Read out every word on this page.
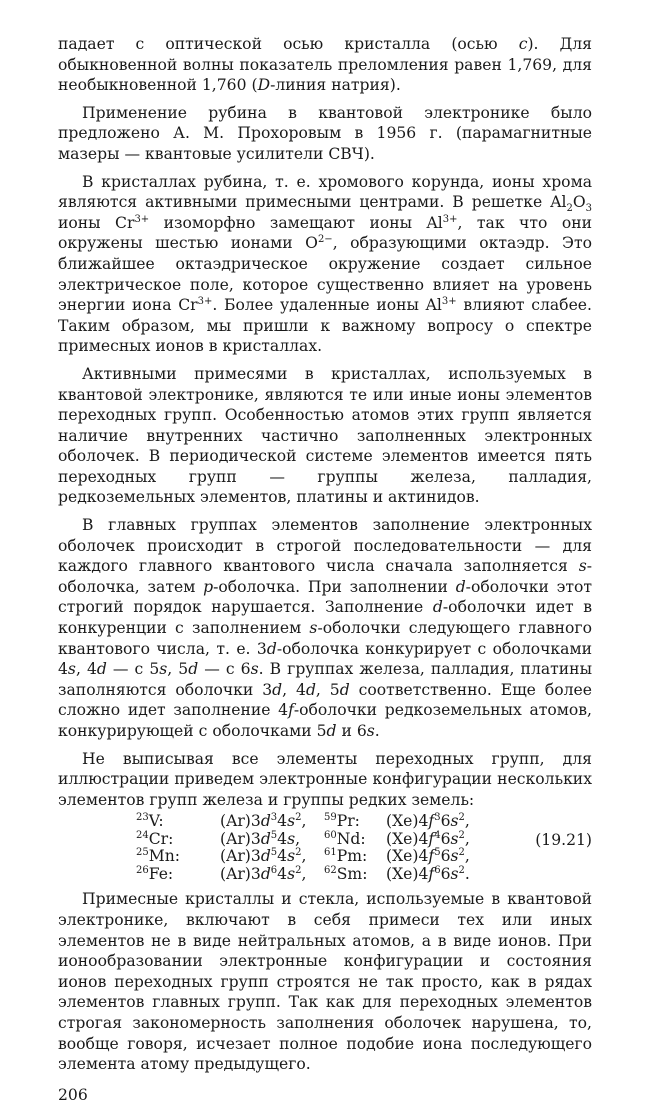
падает с оптической осью кристалла (осью с). Для обыкновенной волны показатель преломления равен 1,769, для необыкновенной 1,760 (D-линия натрия).

Применение рубина в квантовой электронике было предложено А. М. Прохоровым в 1956 г. (парамагнитные мазеры — квантовые усилители СВЧ).

В кристаллах рубина, т. е. хромового корунда, ионы хрома являются активными примесными центрами. В решетке $Al_2O_3$ ионы $Cr^{3+}$ изоморфно замещают ионы $Al^{3+}$, так что они окружены шестью ионами $O^{2-}$, образующими октаэдр. Это ближайшее октаэдрическое окружение создает сильное электрическое поле, которое существенно влияет на уровень энергии иона $Cr^{3+}$. Более удаленные ионы $Al^{3+}$ влияют слабее. Таким образом, мы пришли к важному вопросу о спектре примесных ионов в кристаллах.

Активными примесями в кристаллах, используемых в квантовой электронике, являются те или иные ионы элементов переходных групп. Особенностью атомов этих групп является наличие внутренних частично заполненных электронных оболочек. В периодической системе элементов имеется пять переходных групп — группы железа, палладия, редкоземельных элементов, платины и актинидов.

В главных группах элементов заполнение электронных оболочек происходит в строгой последовательности — для каждого главного квантового числа сначала заполняется s-оболочка, затем p-оболочка. При заполнении d-оболочки этот строгий порядок нарушается. Заполнение d-оболочки идет в конкуренции с заполнением s-оболочки следующего главного квантового числа, т. е. 3d-оболочка конкурирует с оболочками 4s, 4d — с 5s, 5d — с 6s. В группах железа, палладия, платины заполняются оболочки 3d, 4d, 5d соответственно. Еще более сложно идет заполнение 4f-оболочки редкоземельных атомов, конкурирующей с оболочками 5d и 6s.

Не выписывая все элементы переходных групп, для иллюстрации приведем электронные конфигурации нескольких элементов групп железа и группы редких земель:

$^{23}$V:	$(Ar)3d^34s^2$,	$^{59}$Pr:	$(Xe)4f^36s^2$,
$^{24}$Cr:	$(Ar)3d^54s$,	$^{60}$Nd:	$(Xe)4f^46s^2$,
$^{25}$Mn:	$(Ar)3d^54s^2$,	$^{61}$Pm:	$(Xe)4f^56s^2$,
$^{26}$Fe:	$(Ar)3d^64s^2$,	$^{62}$Sm:	$(Xe)4f^66s^2$.
(19.21)

Примесные кристаллы и стекла, используемые в квантовой электронике, включают в себя примеси тех или иных элементов не в виде нейтральных атомов, а в виде ионов. При ионообразовании электронные конфигурации и состояния ионов переходных групп строятся не так просто, как в рядах элементов главных групп. Так как для переходных элементов строгая закономерность заполнения оболочек нарушена, то, вообще говоря, исчезает полное подобие иона последующего элемента атому предыдущего.

206
